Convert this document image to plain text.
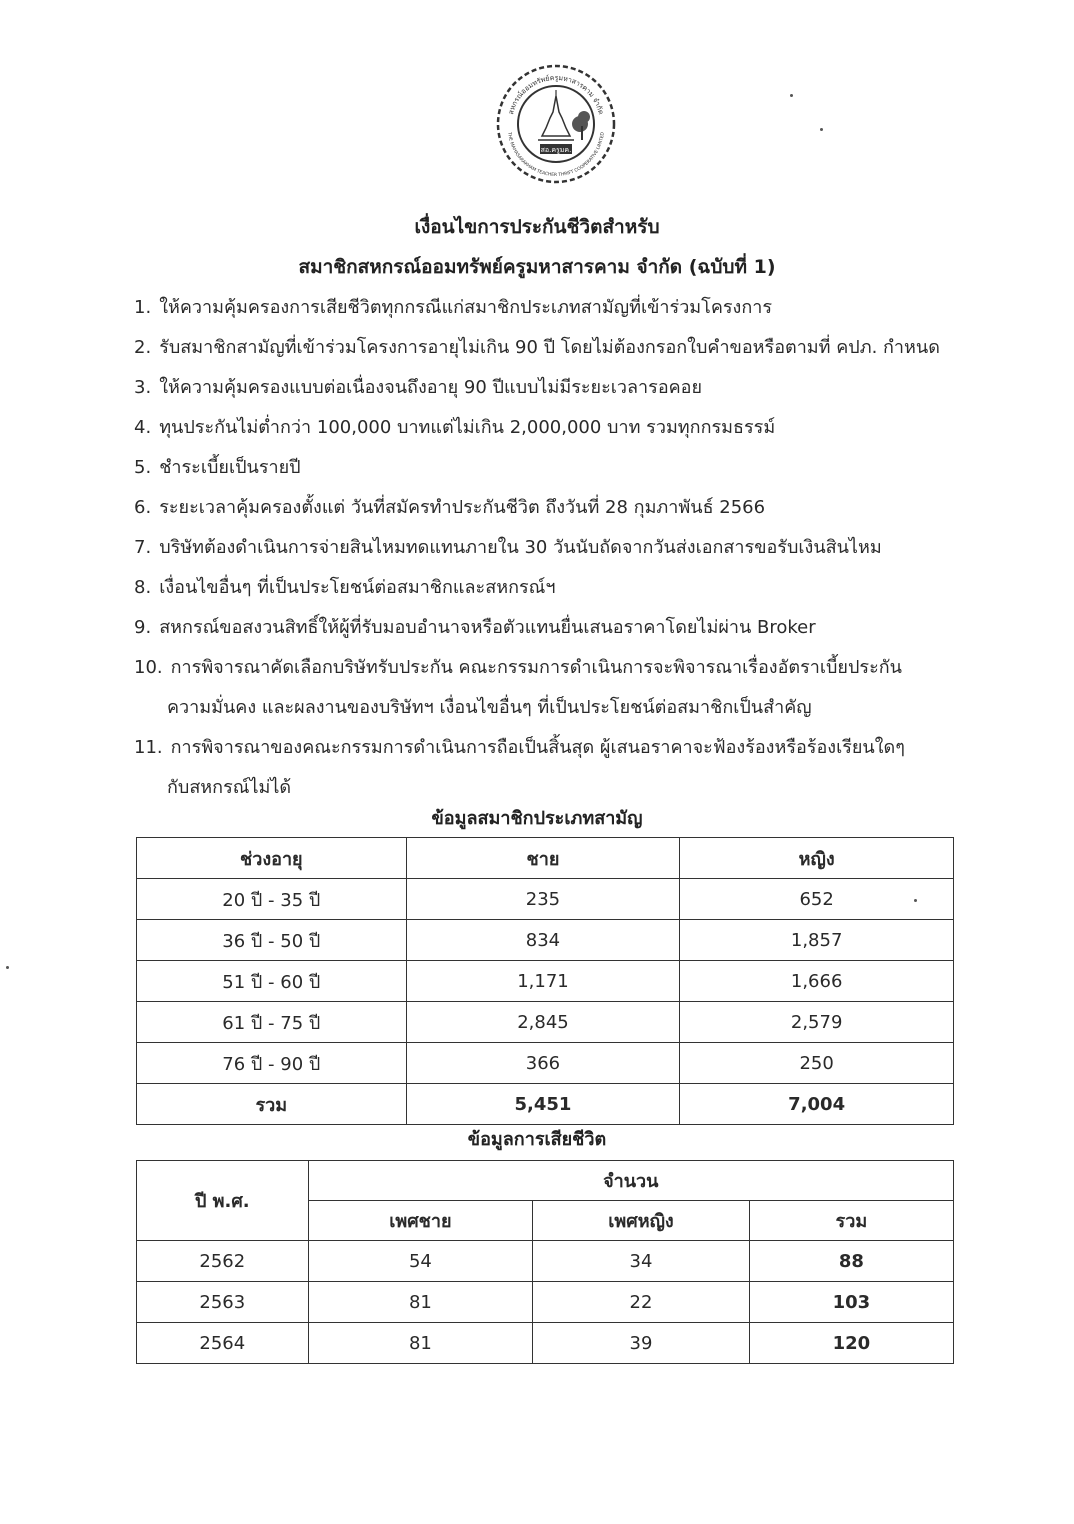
สหกรณ์ออมทรัพย์ครูมหาสารคาม จำกัด
THE MAHASARAKHAM TEACHER THRIFT COOPERATIVE LIMITED
สอ.ครูมค.
เงื่อนไขการประกันชีวิตสำหรับ
สมาชิกสหกรณ์ออมทรัพย์ครูมหาสารคาม จำกัด (ฉบับที่ 1)
1. ให้ความคุ้มครองการเสียชีวิตทุกกรณีแก่สมาชิกประเภทสามัญที่เข้าร่วมโครงการ
2. รับสมาชิกสามัญที่เข้าร่วมโครงการอายุไม่เกิน 90 ปี โดยไม่ต้องกรอกใบคำขอหรือตามที่ คปภ. กำหนด
3. ให้ความคุ้มครองแบบต่อเนื่องจนถึงอายุ 90 ปีแบบไม่มีระยะเวลารอคอย
4. ทุนประกันไม่ต่ำกว่า 100,000 บาทแต่ไม่เกิน 2,000,000 บาท รวมทุกกรมธรรม์
5. ชำระเบี้ยเป็นรายปี
6. ระยะเวลาคุ้มครองตั้งแต่ วันที่สมัครทำประกันชีวิต ถึงวันที่ 28 กุมภาพันธ์ 2566
7. บริษัทต้องดำเนินการจ่ายสินไหมทดแทนภายใน 30 วันนับถัดจากวันส่งเอกสารขอรับเงินสินไหม
8. เงื่อนไขอื่นๆ ที่เป็นประโยชน์ต่อสมาชิกและสหกรณ์ฯ
9. สหกรณ์ขอสงวนสิทธิ์ให้ผู้ที่รับมอบอำนาจหรือตัวแทนยื่นเสนอราคาโดยไม่ผ่าน Broker
10. การพิจารณาคัดเลือกบริษัทรับประกัน คณะกรรมการดำเนินการจะพิจารณาเรื่องอัตราเบี้ยประกัน
ความมั่นคง และผลงานของบริษัทฯ เงื่อนไขอื่นๆ ที่เป็นประโยชน์ต่อสมาชิกเป็นสำคัญ
11. การพิจารณาของคณะกรรมการดำเนินการถือเป็นสิ้นสุด ผู้เสนอราคาจะฟ้องร้องหรือร้องเรียนใดๆ
กับสหกรณ์ไม่ได้
ข้อมูลสมาชิกประเภทสามัญ
ช่วงอายุ	ชาย	หญิง
20 ปี - 35 ปี	235	652
36 ปี - 50 ปี	834	1,857
51 ปี - 60 ปี	1,171	1,666
61 ปี - 75 ปี	2,845	2,579
76 ปี - 90 ปี	366	250
รวม	5,451	7,004
ข้อมูลการเสียชีวิต
ปี พ.ศ.	จำนวน		
	เพศชาย	เพศหญิง	รวม
2562	54	34	88
2563	81	22	103
2564	81	39	120
